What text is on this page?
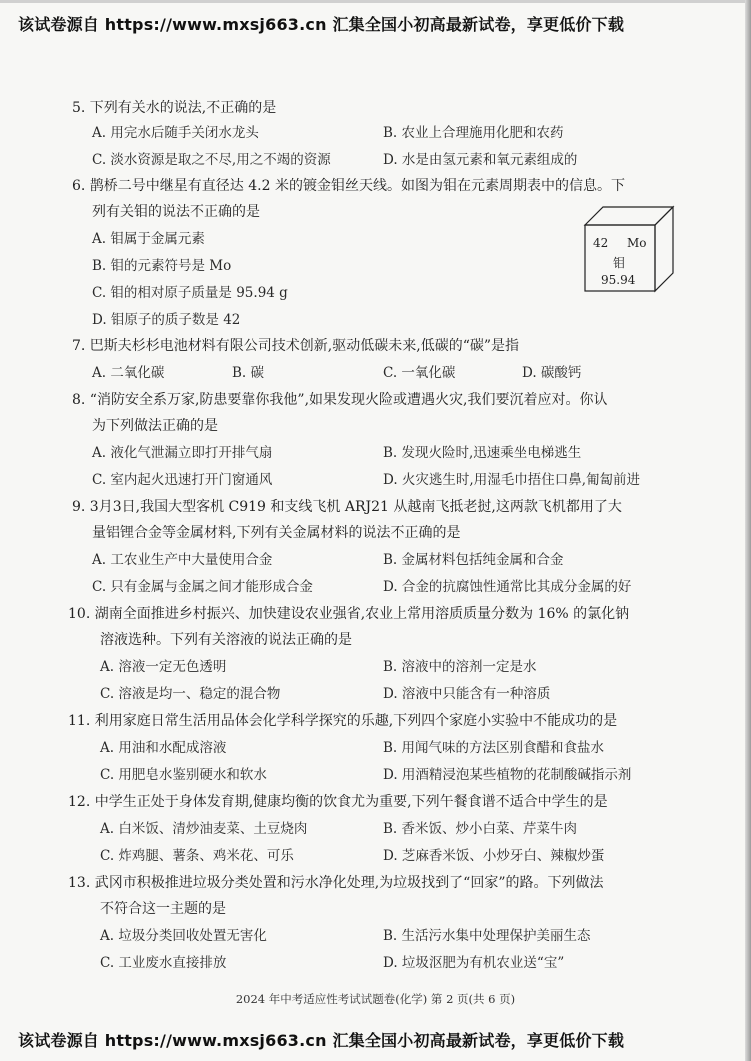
该试卷源自 https://www.mxsj663.cn 汇集全国小初高最新试卷，享更低价下载
5. 下列有关水的说法,不正确的是
A. 用完水后随手关闭水龙头	B. 农业上合理施用化肥和农药
C. 淡水资源是取之不尽,用之不竭的资源	D. 水是由氢元素和氧元素组成的
6. 鹊桥二号中继星有直径达 4.2 米的镀金钼丝天线。如图为钼在元素周期表中的信息。下
列有关钼的说法不正确的是
A. 钼属于金属元素
B. 钼的元素符号是 Mo
C. 钼的相对原子质量是 95.94 g
D. 钼原子的质子数是 42
42 Mo
钼
95.94
7. 巴斯夫杉杉电池材料有限公司技术创新,驱动低碳未来,低碳的“碳”是指
A. 二氧化碳	B. 碳	C. 一氧化碳	D. 碳酸钙
8. “消防安全系万家,防患要靠你我他”,如果发现火险或遭遇火灾,我们要沉着应对。你认
为下列做法正确的是
A. 液化气泄漏立即打开排气扇	B. 发现火险时,迅速乘坐电梯逃生
C. 室内起火迅速打开门窗通风	D. 火灾逃生时,用湿毛巾捂住口鼻,匍匐前进
9. 3月3日,我国大型客机 C919 和支线飞机 ARJ21 从越南飞抵老挝,这两款飞机都用了大
量铝锂合金等金属材料,下列有关金属材料的说法不正确的是
A. 工农业生产中大量使用合金	B. 金属材料包括纯金属和合金
C. 只有金属与金属之间才能形成合金	D. 合金的抗腐蚀性通常比其成分金属的好
10. 湖南全面推进乡村振兴、加快建设农业强省,农业上常用溶质质量分数为 16% 的氯化钠
溶液选种。下列有关溶液的说法正确的是
A. 溶液一定无色透明	B. 溶液中的溶剂一定是水
C. 溶液是均一、稳定的混合物	D. 溶液中只能含有一种溶质
11. 利用家庭日常生活用品体会化学科学探究的乐趣,下列四个家庭小实验中不能成功的是
A. 用油和水配成溶液	B. 用闻气味的方法区别食醋和食盐水
C. 用肥皂水鉴别硬水和软水	D. 用酒精浸泡某些植物的花制酸碱指示剂
12. 中学生正处于身体发育期,健康均衡的饮食尤为重要,下列午餐食谱不适合中学生的是
A. 白米饭、清炒油麦菜、土豆烧肉	B. 香米饭、炒小白菜、芹菜牛肉
C. 炸鸡腿、薯条、鸡米花、可乐	D. 芝麻香米饭、小炒牙白、辣椒炒蛋
13. 武冈市积极推进垃圾分类处置和污水净化处理,为垃圾找到了“回家”的路。下列做法
不符合这一主题的是
A. 垃圾分类回收处置无害化	B. 生活污水集中处理保护美丽生态
C. 工业废水直接排放	D. 垃圾沤肥为有机农业送“宝”
2024 年中考适应性考试试题卷(化学) 第 2 页(共 6 页)
该试卷源自 https://www.mxsj663.cn 汇集全国小初高最新试卷，享更低价下载
